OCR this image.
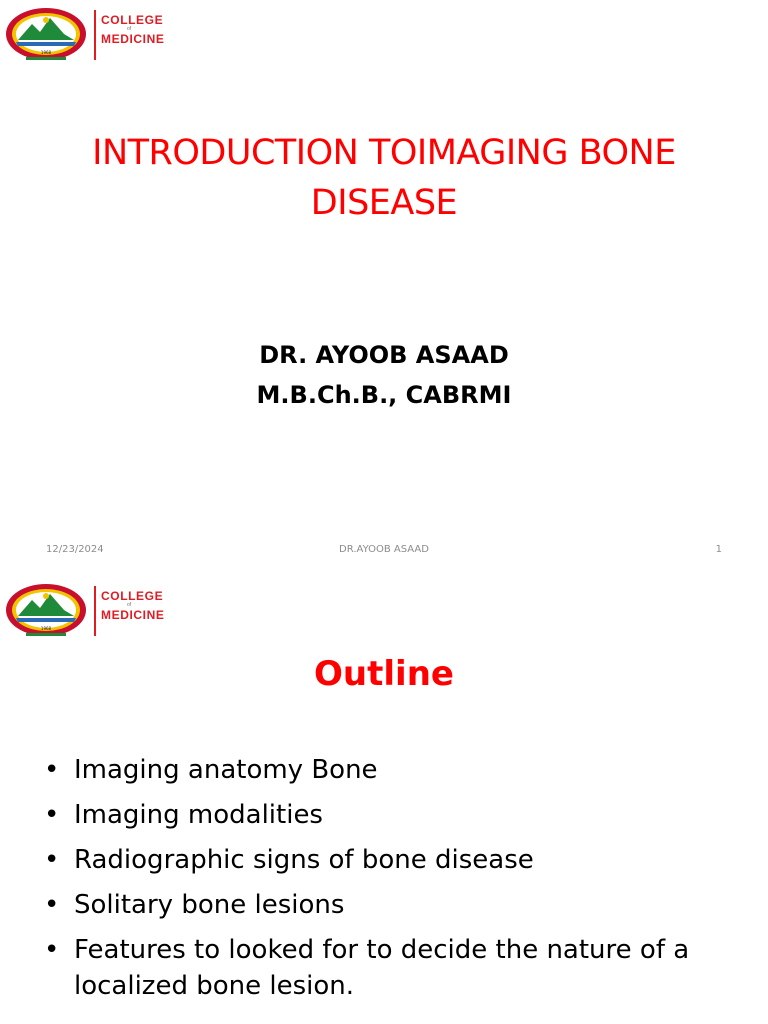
1968
COLLEGE
of
MEDICINE
INTRODUCTION TOIMAGING BONE
DISEASE
DR. AYOOB ASAAD
M.B.Ch.B., CABRMI
12/23/2024	DR.AYOOB ASAAD	1
1968
COLLEGE
of
MEDICINE
Outline
• Imaging anatomy Bone
• Imaging modalities
• Radiographic signs of bone disease
• Solitary bone lesions
• Features to looked for to decide the nature of a localized bone lesion.
